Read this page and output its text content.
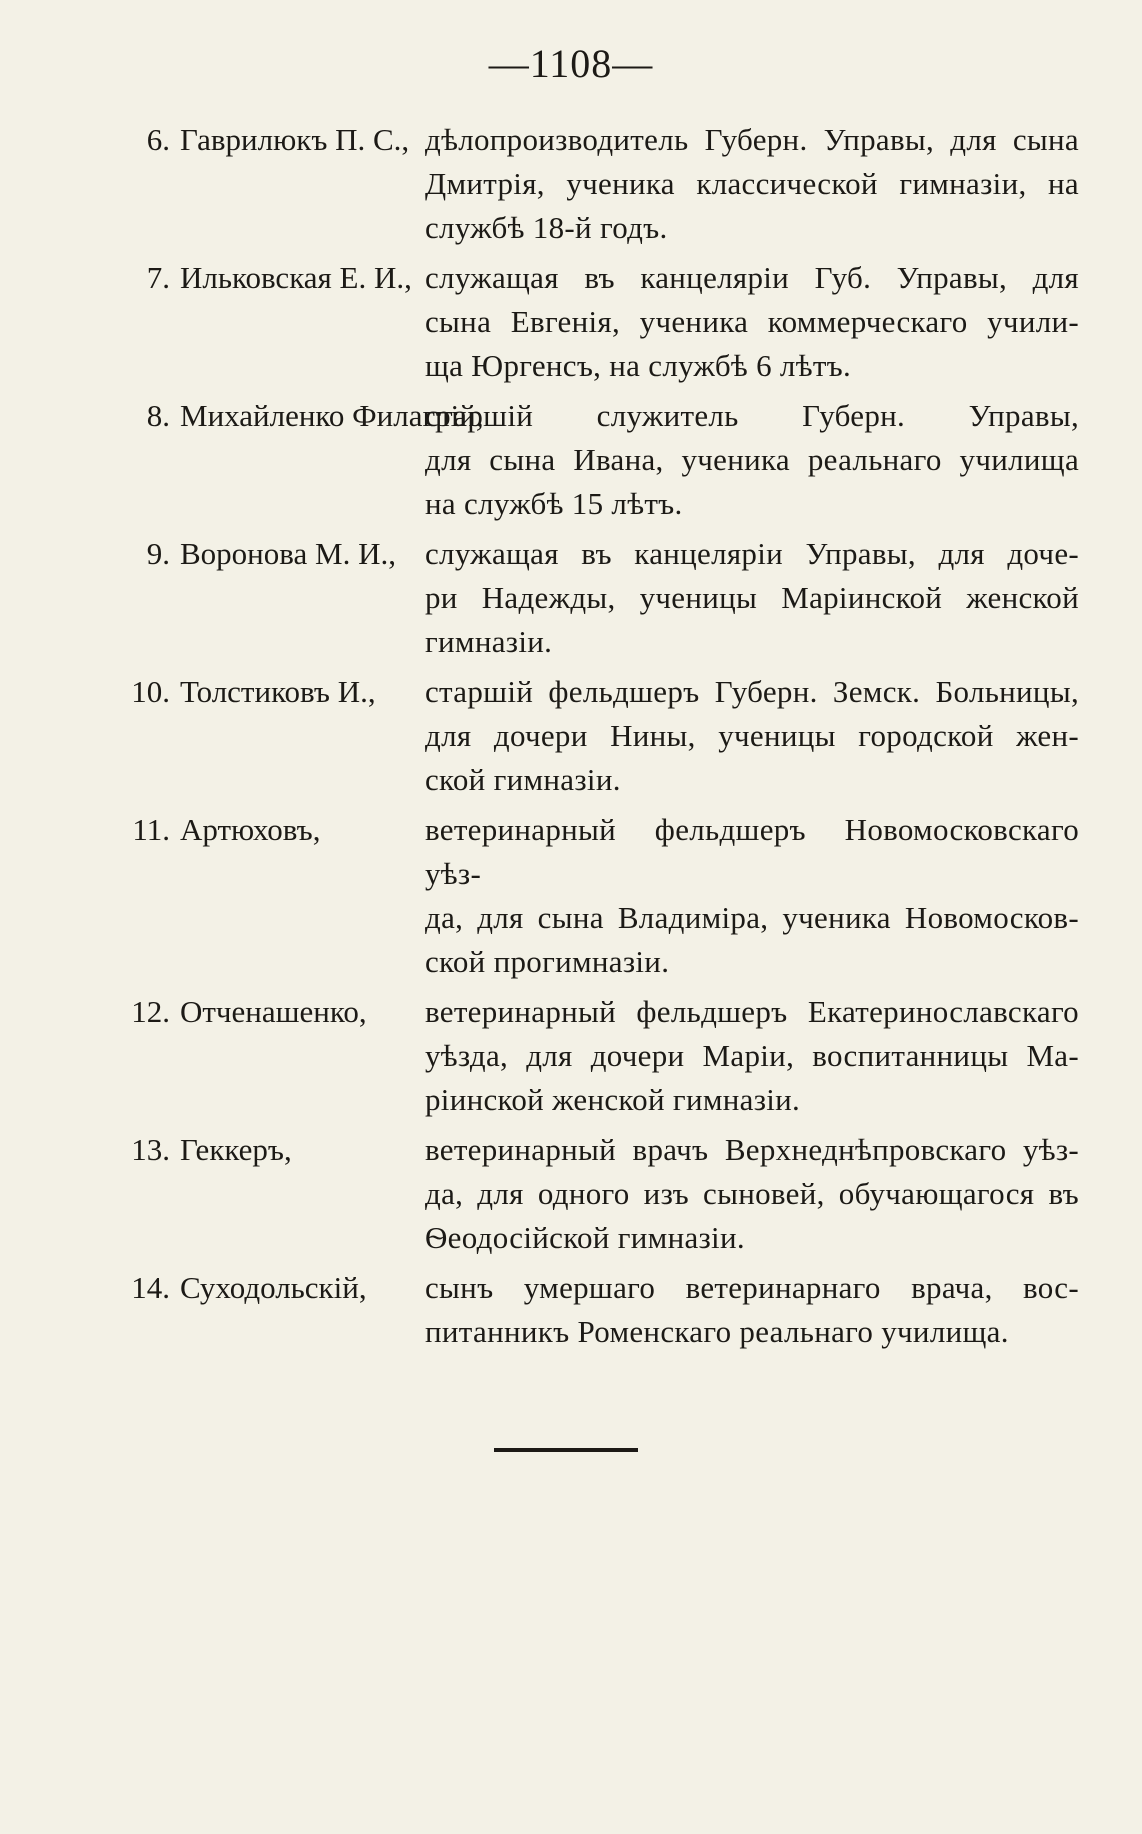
—1108—
6. Гаврилюкъ П. С., дѣлопроизводитель Губерн. Управы, для сына
Дмитрія, ученика классической гимназіи, на
службѣ 18-й годъ.
7. Ильковская Е. И., служащая въ канцеляріи Губ. Управы, для
сына Евгенія, ученика коммерческаго учили-
ща Юргенсъ, на службѣ 6 лѣтъ.
8. Михайленко Филагрій,
старшій служитель Губерн. Управы,
для сына Ивана, ученика реальнаго училища
на службѣ 15 лѣтъ.
9. Воронова М. И., служащая въ канцеляріи Управы, для доче-
ри Надежды, ученицы Маріинской женской
гимназіи.
10. Толстиковъ И., старшій фельдшеръ Губерн. Земск. Больницы,
для дочери Нины, ученицы городской жен-
ской гимназіи.
11. Артюховъ,	ветеринарный фельдшеръ Новомосковскаго уѣз-
да, для сына Владиміра, ученика Новомосков-
ской прогимназіи.
12. Отченашенко, ветеринарный фельдшеръ Екатеринославскаго
уѣзда, для дочери Маріи, воспитанницы Ма-
ріинской женской гимназіи.
13. Геккеръ,	ветеринарный врачъ Верхнеднѣпровскаго уѣз-
да, для одного изъ сыновей, обучающагося въ
Ѳеодосійской гимназіи.
14. Суходольскій, сынъ умершаго ветеринарнаго врача, вос-
питанникъ Роменскаго реальнаго училища.
